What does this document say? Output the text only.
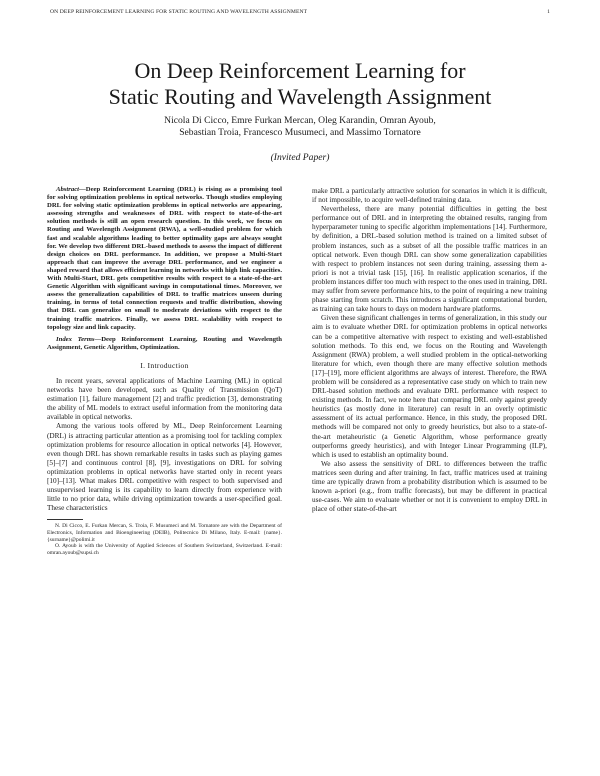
ON DEEP REINFORCEMENT LEARNING FOR STATIC ROUTING AND WAVELENGTH ASSIGNMENT	1
On Deep Reinforcement Learning for
Static Routing and Wavelength Assignment
Nicola Di Cicco, Emre Furkan Mercan, Oleg Karandin, Omran Ayoub,
Sebastian Troia, Francesco Musumeci, and Massimo Tornatore
(Invited Paper)

Abstract—Deep Reinforcement Learning (DRL) is rising as a promising tool for solving optimization problems in optical networks. Though studies employing DRL for solving static optimization problems in optical networks are appearing, assessing strengths and weaknesses of DRL with respect to state-of-the-art solution methods is still an open research question. In this work, we focus on Routing and Wavelength Assignment (RWA), a well-studied problem for which fast and scalable algorithms leading to better optimality gaps are always sought for. We develop two different DRL-based methods to assess the impact of different design choices on DRL performance. In addition, we propose a Multi-Start approach that can improve the average DRL performance, and we engineer a shaped reward that allows efficient learning in networks with high link capacities. With Multi-Start, DRL gets competitive results with respect to a state-of-the-art Genetic Algorithm with significant savings in computational times. Moreover, we assess the generalization capabilities of DRL to traffic matrices unseen during training, in terms of total connection requests and traffic distribution, showing that DRL can generalize on small to moderate deviations with respect to the training traffic matrices. Finally, we assess DRL scalability with respect to topology size and link capacity.

Index Terms—Deep Reinforcement Learning, Routing and Wavelength Assignment, Genetic Algorithm, Optimization.

I. Introduction

In recent years, several applications of Machine Learning (ML) in optical networks have been developed, such as Quality of Transmission (QoT) estimation [1], failure management [2] and traffic prediction [3], demonstrating the ability of ML models to extract useful information from the monitoring data available in optical networks.

Among the various tools offered by ML, Deep Reinforcement Learning (DRL) is attracting particular attention as a promising tool for tackling complex optimization problems for resource allocation in optical networks [4]. However, even though DRL has shown remarkable results in tasks such as playing games [5]–[7] and continuous control [8], [9], investigations on DRL for solving optimization problems in optical networks have started only in recent years [10]–[13]. What makes DRL competitive with respect to both supervised and unsupervised learning is its capability to learn directly from experience with little to no prior data, while driving optimization towards a user-specified goal. These characteristics

N. Di Cicco, E. Furkan Mercan, S. Troia, F. Musumeci and M. Tornatore are with the Department of Electronics, Information and Bioengineering (DEIB), Politecnico Di Milano, Italy. E-mail: {name}.{surname}@polimi.it

O. Ayoub is with the University of Applied Sciences of Southern Switzerland, Switzerland. E-mail: omran.ayoub@supsi.ch

make DRL a particularly attractive solution for scenarios in which it is difficult, if not impossible, to acquire well-defined training data.

Nevertheless, there are many potential difficulties in getting the best performance out of DRL and in interpreting the obtained results, ranging from hyperparameter tuning to specific algorithm implementations [14]. Furthermore, by definition, a DRL-based solution method is trained on a limited subset of problem instances, such as a subset of all the possible traffic matrices in an optical network. Even though DRL can show some generalization capabilities with respect to problem instances not seen during training, assessing them a-priori is not a trivial task [15], [16]. In realistic application scenarios, if the problem instances differ too much with respect to the ones used in training, DRL may suffer from severe performance hits, to the point of requiring a new training phase starting from scratch. This introduces a significant computational burden, as training can take hours to days on modern hardware platforms.

Given these significant challenges in terms of generalization, in this study our aim is to evaluate whether DRL for optimization problems in optical networks can be a competitive alternative with respect to existing and well-established solution methods. To this end, we focus on the Routing and Wavelength Assignment (RWA) problem, a well studied problem in the optical-networking literature for which, even though there are many effective solution methods [17]–[19], more efficient algorithms are always of interest. Therefore, the RWA problem will be considered as a representative case study on which to train new DRL-based solution methods and evaluate DRL performance with respect to existing methods. In fact, we note here that comparing DRL only against greedy heuristics (as mostly done in literature) can result in an overly optimistic assessment of its actual performance. Hence, in this study, the proposed DRL methods will be compared not only to greedy heuristics, but also to a state-of-the-art metaheuristic (a Genetic Algorithm, whose performance greatly outperforms greedy heuristics), and with Integer Linear Programming (ILP), which is used to establish an optimality bound.

We also assess the sensitivity of DRL to differences between the traffic matrices seen during and after training. In fact, traffic matrices used at training time are typically drawn from a probability distribution which is assumed to be known a-priori (e.g., from traffic forecasts), but may be different in practical use-cases. We aim to evaluate whether or not it is convenient to employ DRL in place of other state-of-the-art
